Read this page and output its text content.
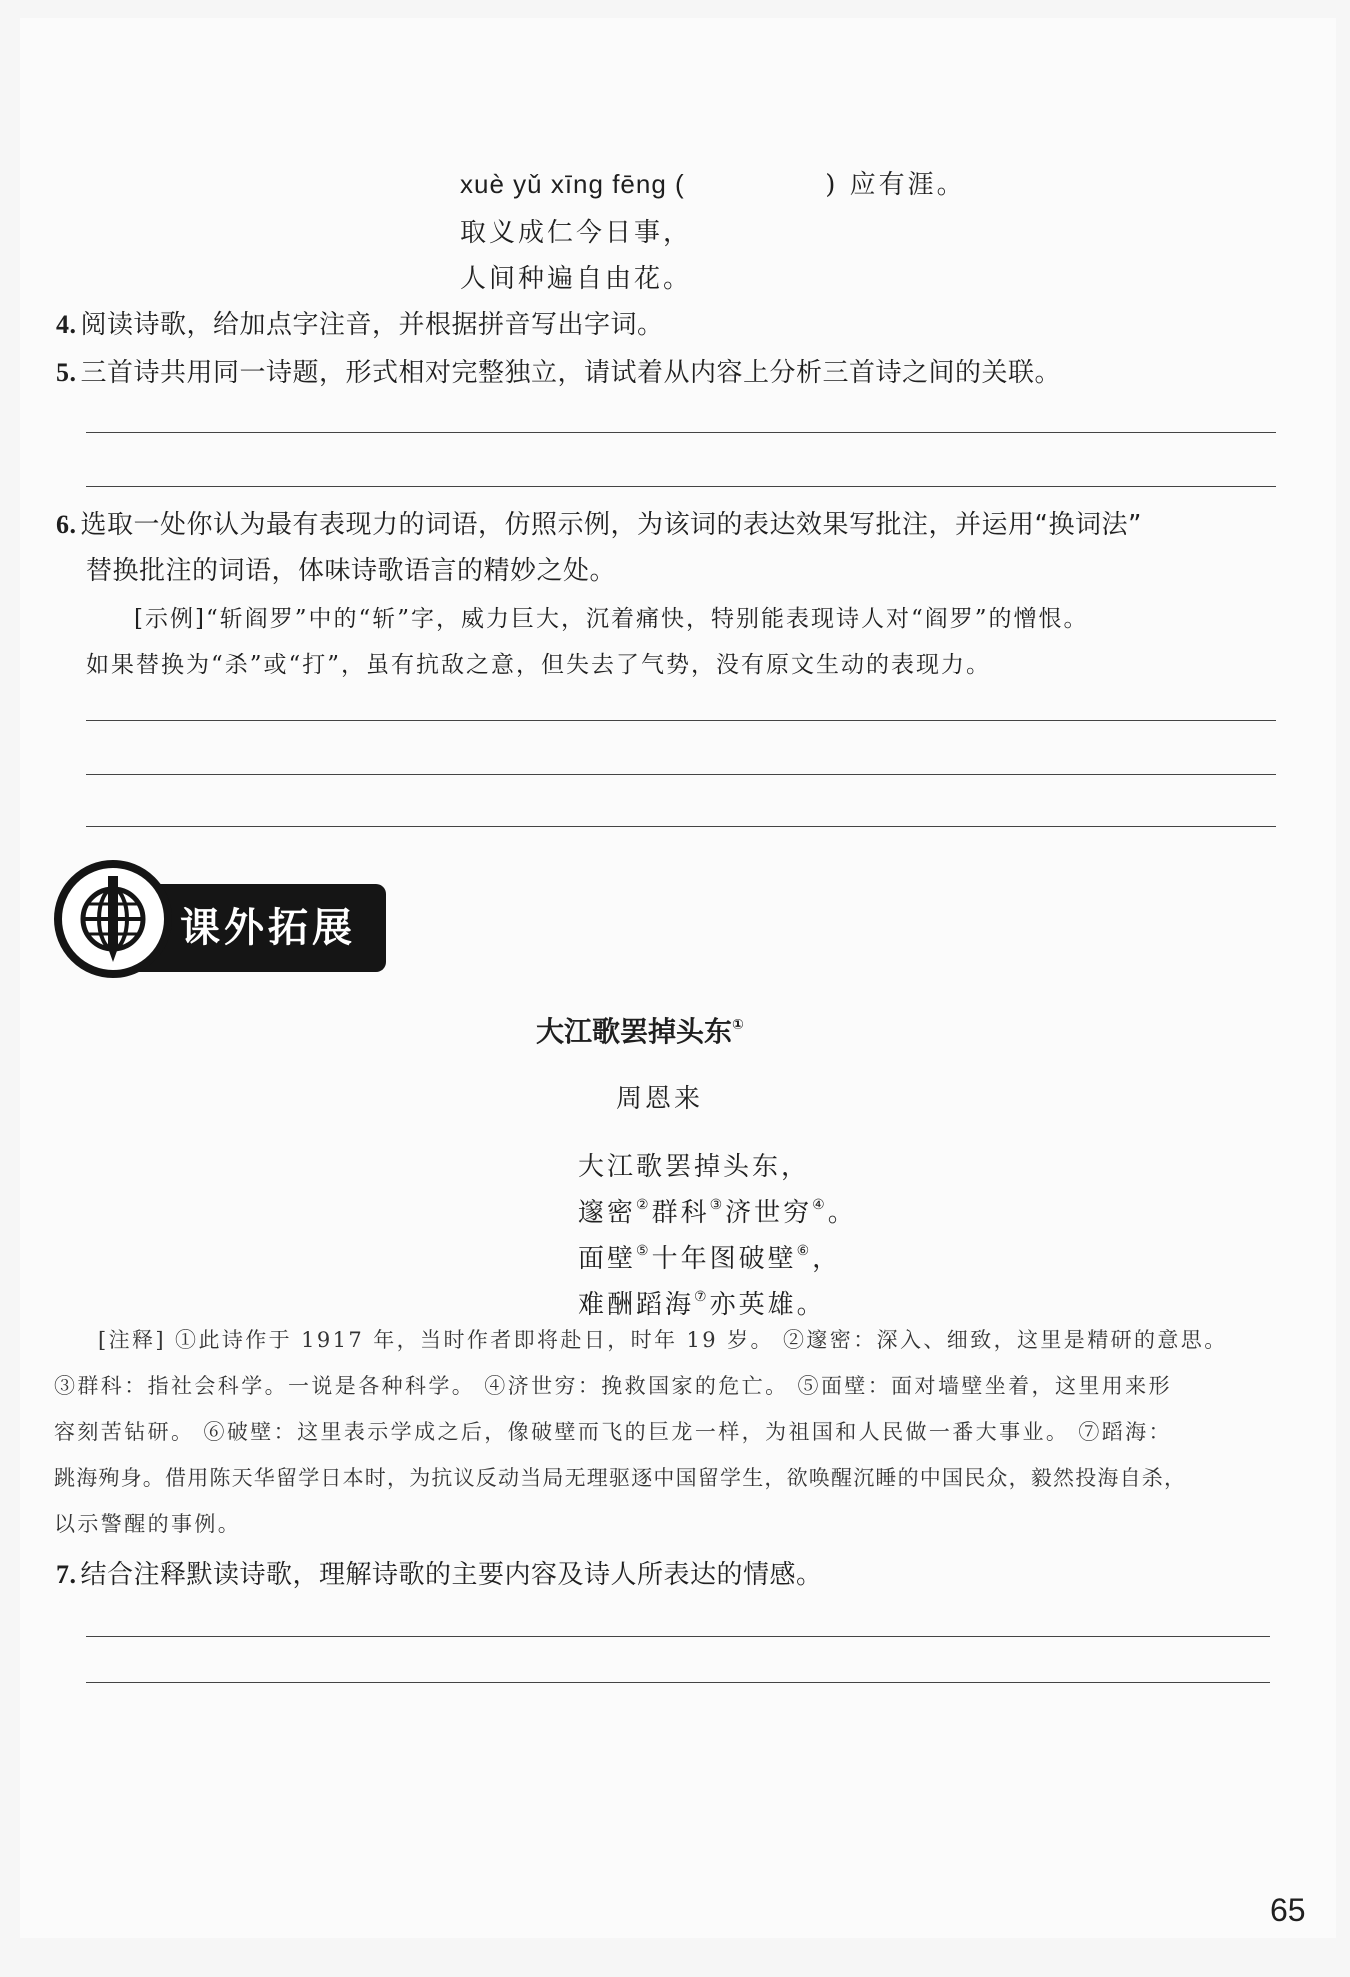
xuè yǔ xīng fēng (	) 应有涯。
取义成仁今日事，
人间种遍自由花。
4. 阅读诗歌，给加点字注音，并根据拼音写出字词。
5. 三首诗共用同一诗题，形式相对完整独立，请试着从内容上分析三首诗之间的关联。
6. 选取一处你认为最有表现力的词语，仿照示例，为该词的表达效果写批注，并运用“换词法”
替换批注的词语，体味诗歌语言的精妙之处。
[示例]“斩阎罗”中的“斩”字，威力巨大，沉着痛快，特别能表现诗人对“阎罗”的憎恨。
如果替换为“杀”或“打”，虽有抗敌之意，但失去了气势，没有原文生动的表现力。
课外拓展
大江歌罢掉头东①
周恩来
大江歌罢掉头东，
邃密②群科③济世穷④。
面壁⑤十年图破壁⑥，
难酬蹈海⑦亦英雄。
[注释] ①此诗作于 1917 年，当时作者即将赴日，时年 19 岁。 ②邃密：深入、细致，这里是精研的意思。
③群科：指社会科学。一说是各种科学。 ④济世穷：挽救国家的危亡。 ⑤面壁：面对墙壁坐着，这里用来形
容刻苦钻研。 ⑥破壁：这里表示学成之后，像破壁而飞的巨龙一样，为祖国和人民做一番大事业。 ⑦蹈海：
跳海殉身。借用陈天华留学日本时，为抗议反动当局无理驱逐中国留学生，欲唤醒沉睡的中国民众，毅然投海自杀，
以示警醒的事例。
7. 结合注释默读诗歌，理解诗歌的主要内容及诗人所表达的情感。
65
